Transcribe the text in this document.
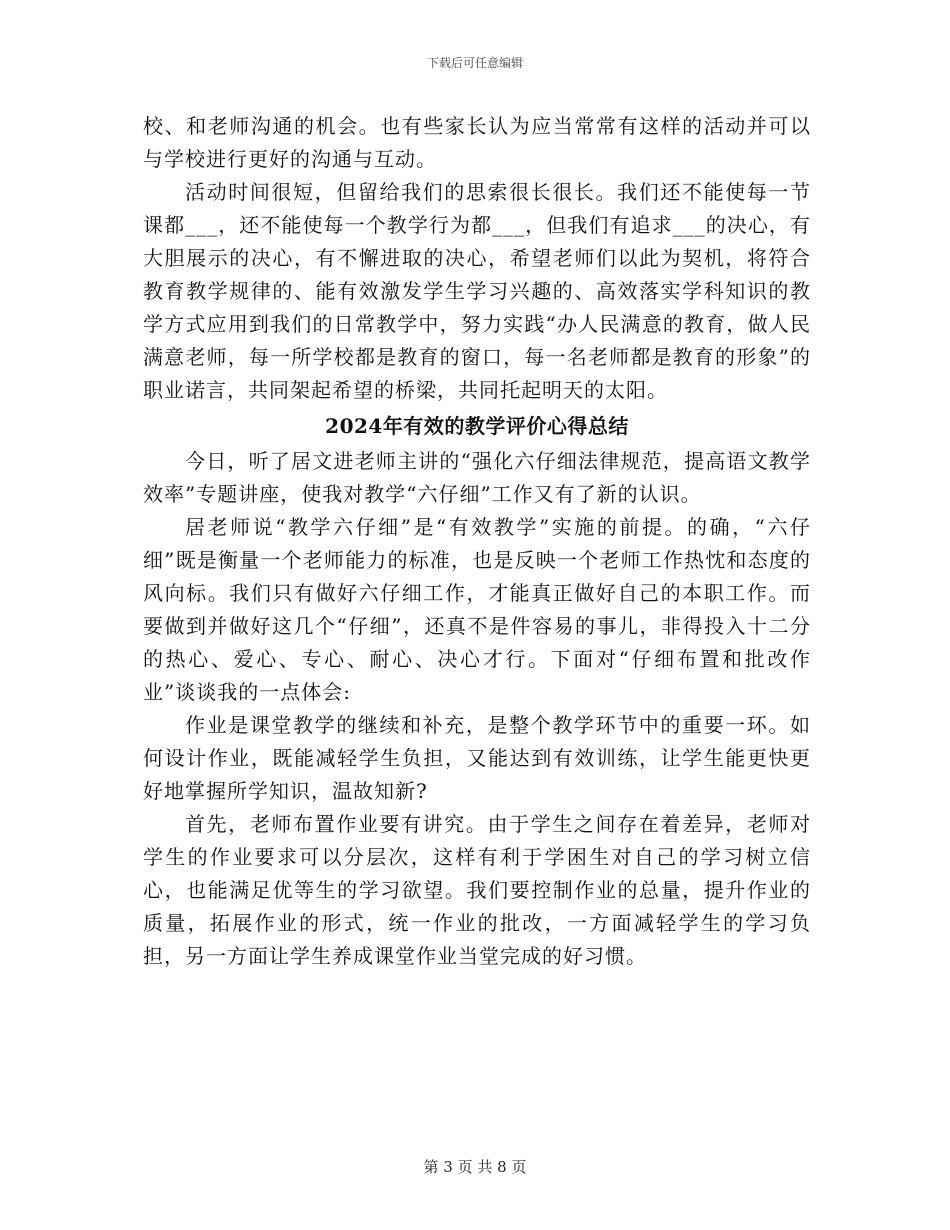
下载后可任意编辑

校、和老师沟通的机会。也有些家长认为应当常常有这样的活动并可以与学校进行更好的沟通与互动。

活动时间很短，但留给我们的思索很长很长。我们还不能使每一节课都___，还不能使每一个教学行为都___，但我们有追求___的决心，有大胆展示的决心，有不懈进取的决心，希望老师们以此为契机，将符合教育教学规律的、能有效激发学生学习兴趣的、高效落实学科知识的教学方式应用到我们的日常教学中，努力实践“办人民满意的教育，做人民满意老师，每一所学校都是教育的窗口，每一名老师都是教育的形象”的职业诺言，共同架起希望的桥梁，共同托起明天的太阳。

2024年有效的教学评价心得总结

今日，听了居文进老师主讲的“强化六仔细法律规范，提高语文教学效率”专题讲座，使我对教学“六仔细”工作又有了新的认识。

居老师说“教学六仔细”是“有效教学”实施的前提。的确，“六仔细”既是衡量一个老师能力的标准，也是反映一个老师工作热忱和态度的风向标。我们只有做好六仔细工作，才能真正做好自己的本职工作。而要做到并做好这几个“仔细”，还真不是件容易的事儿，非得投入十二分的热心、爱心、专心、耐心、决心才行。下面对“仔细布置和批改作业”谈谈我的一点体会:

作业是课堂教学的继续和补充，是整个教学环节中的重要一环。如何设计作业，既能减轻学生负担，又能达到有效训练，让学生能更快更好地掌握所学知识，温故知新?

首先，老师布置作业要有讲究。由于学生之间存在着差异，老师对学生的作业要求可以分层次，这样有利于学困生对自己的学习树立信心，也能满足优等生的学习欲望。我们要控制作业的总量，提升作业的质量，拓展作业的形式，统一作业的批改，一方面减轻学生的学习负担，另一方面让学生养成课堂作业当堂完成的好习惯。

第 3 页 共 8 页
